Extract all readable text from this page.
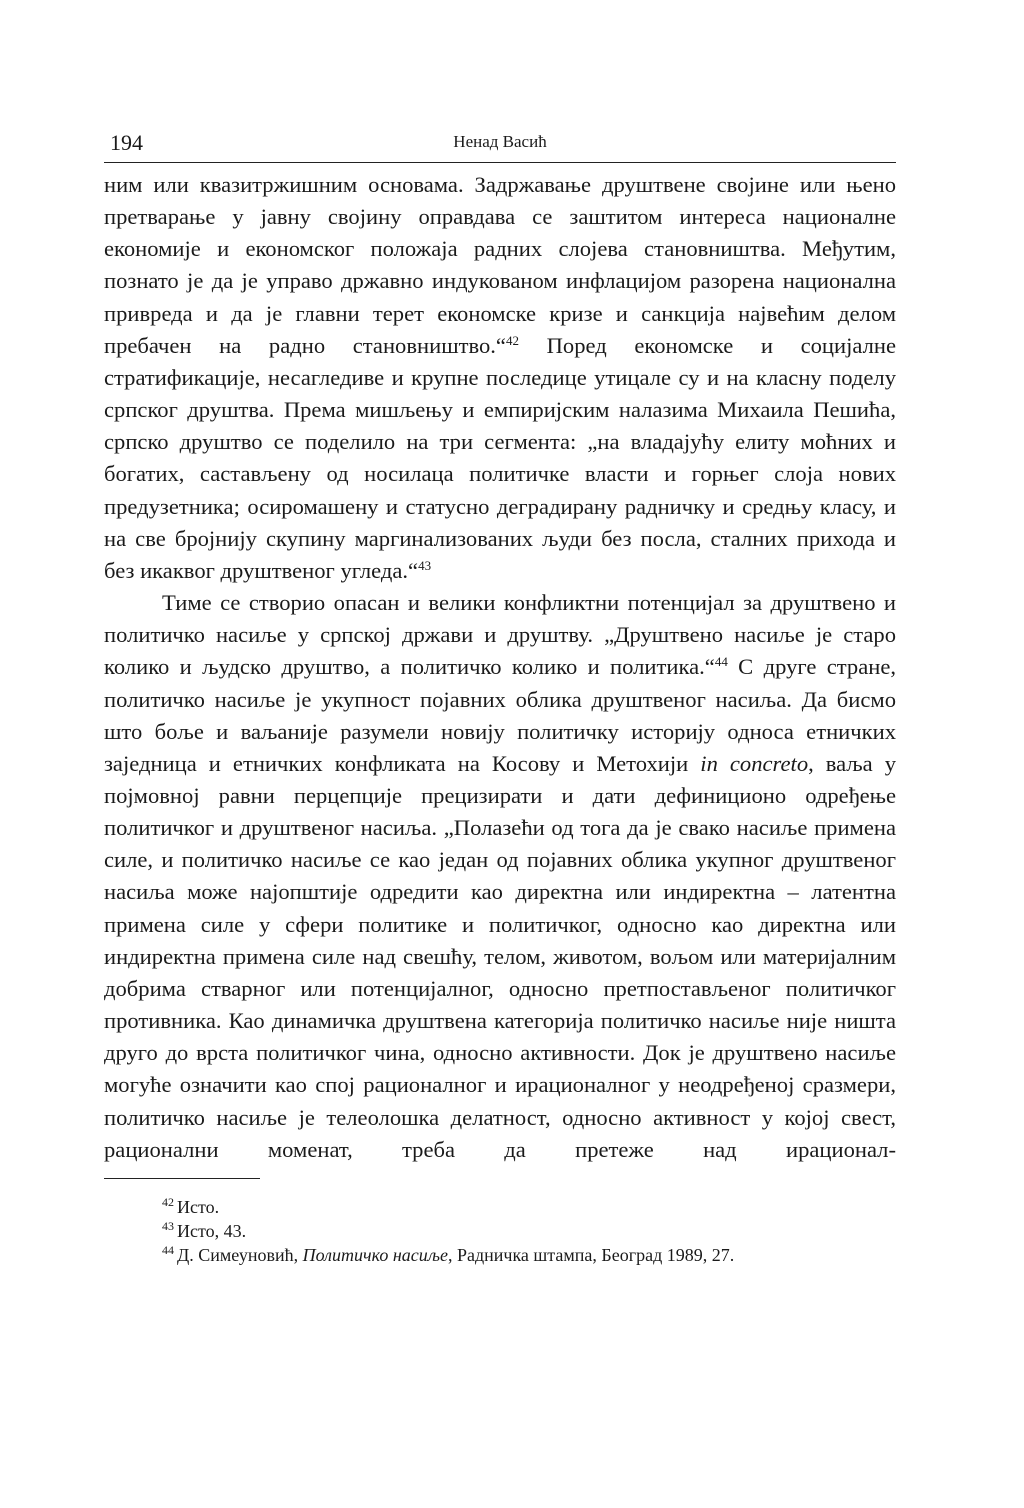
194	Ненад Васић

ним или квазитржишним основама. Задржавање друштвене својине или њено претварање у јавну својину оправдава се заштитом интереса националне економије и економског положаја радних слојева становништва. Међутим, познато је да је управо државно индукованом инфлацијом разорена национална привреда и да је главни терет економске кризе и санкција највећим делом пребачен на радно становништво.“$^{42}$ Поред економске и социјалне стратификације, несагледиве и крупне последице утицале су и на класну поделу српског друштва. Према мишљењу и емпиријским налазима Михаила Пешића, српско друштво се поделило на три сегмента: „на владајућу елиту моћних и богатих, састављену од носилаца политичке власти и горњег слоја нових предузетника; осиромашену и статусно деградирану радничку и средњу класу, и на све бројнију скупину маргинализованих људи без посла, сталних прихода и без икаквог друштвеног угледа.“$^{43}$

Тиме се створио опасан и велики конфликтни потенцијал за друштвено и политичко насиље у српској држави и друштву. „Друштвено насиље је старо колико и људско друштво, а политичко колико и политика.“$^{44}$ С друге стране, политичко насиље је укупност појавних облика друштвеног насиља. Да бисмо што боље и ваљаније разумели новију политичку историју односа етничких заједница и етничких конфликата на Косову и Метохији in concreto, ваља у појмовној равни перцепције прецизирати и дати дефиниционо одређење политичког и друштвеног насиља. „Полазећи од тога да је свако насиље примена силе, и политичко насиље се као један од појавних облика укупног друштвеног насиља може најопштије одредити као директна или индиректна – латентна примена силе у сфери политике и политичког, односно као директна или индиректна примена силе над свешћу, телом, животом, вољом или материјалним добрима стварног или потенцијалног, односно претпостављеног политичког противника. Као динамичка друштвена категорија политичко насиље није ништа друго до врста политичког чина, односно активности. Док је друштвено насиље могуће означити као спој рационалног и ирационалног у неодређеној сразмери, политичко насиље је телеолошка делатност, односно активност у којој свест, рационални моменат, треба да претеже над ирационал-

$^{42}$ Исто.
$^{43}$ Исто, 43.
$^{44}$ Д. Симеуновић, Политичко насиље, Радничка штампа, Београд 1989, 27.
